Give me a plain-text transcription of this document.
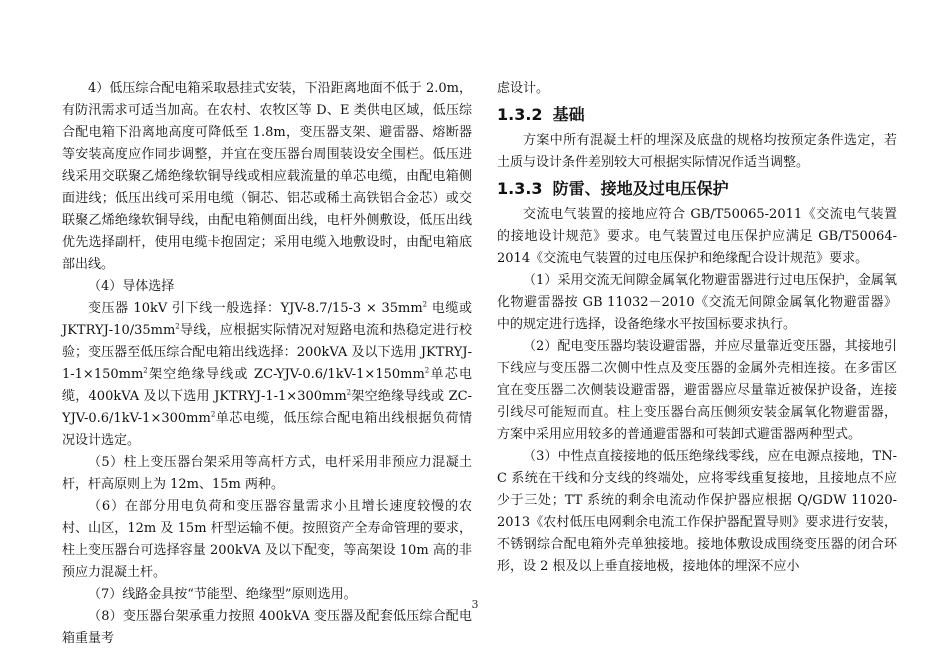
4）低压综合配电箱采取悬挂式安装，下沿距离地面不低于 2.0m，有防汛需求可适当加高。在农村、农牧区等 D、E 类供电区域，低压综合配电箱下沿离地高度可降低至 1.8m，变压器支架、避雷器、熔断器等安装高度应作同步调整，并宜在变压器台周围装设安全围栏。低压进线采用交联聚乙烯绝缘软铜导线或相应载流量的单芯电缆，由配电箱侧面进线；低压出线可采用电缆（铜芯、铝芯或稀土高铁铝合金芯）或交联聚乙烯绝缘软铜导线，由配电箱侧面出线，电杆外侧敷设，低压出线优先选择副杆，使用电缆卡抱固定；采用电缆入地敷设时，由配电箱底部出线。

（4）导体选择

变压器 10kV 引下线一般选择：$YJV-8.7/15-3 \times 35mm^2$ 电缆或 JKTRYJ-$10/35mm^2$导线，应根据实际情况对短路电流和热稳定进行校验；变压器至低压综合配电箱出线选择：200kVA 及以下选用 JKTRYJ-$1-1\times 150mm^2$架空绝缘导线或 $ZC-YJV-0.6/1kV-1\times 150mm^2$单芯电缆，400kVA 及以下选用 JKTRYJ-$1-1\times 300mm^2$架空绝缘导线或 $ZC-YJV-0.6/1kV-1\times 300mm^2$单芯电缆，低压综合配电箱出线根据负荷情况设计选定。

（5）柱上变压器台架采用等高杆方式，电杆采用非预应力混凝土杆，杆高原则上为 12m、15m 两种。

（6）在部分用电负荷和变压器容量需求小且增长速度较慢的农村、山区，12m 及 15m 杆型运输不便。按照资产全寿命管理的要求，柱上变压器台可选择容量 200kVA 及以下配变，等高架设 10m 高的非预应力混凝土杆。

（7）线路金具按“节能型、绝缘型”原则选用。

（8）变压器台架承重力按照 400kVA 变压器及配套低压综合配电箱重量考

虑设计。

1.3.2 基础

方案中所有混凝土杆的埋深及底盘的规格均按预定条件选定，若土质与设计条件差别较大可根据实际情况作适当调整。

1.3.3 防雷、接地及过电压保护

交流电气装置的接地应符合 GB/T50065-2011《交流电气装置的接地设计规范》要求。电气装置过电压保护应满足 GB/T50064-2014《交流电气装置的过电压保护和绝缘配合设计规范》要求。

（1）采用交流无间隙金属氧化物避雷器进行过电压保护，金属氧化物避雷器按 GB 11032－2010《交流无间隙金属氧化物避雷器》中的规定进行选择，设备绝缘水平按国标要求执行。

（2）配电变压器均装设避雷器，并应尽量靠近变压器，其接地引下线应与变压器二次侧中性点及变压器的金属外壳相连接。在多雷区宜在变压器二次侧装设避雷器，避雷器应尽量靠近被保护设备，连接引线尽可能短而直。柱上变压器台高压侧须安装金属氧化物避雷器，方案中采用应用较多的普通避雷器和可装卸式避雷器两种型式。

（3）中性点直接接地的低压绝缘线零线，应在电源点接地，TN-C 系统在干线和分支线的终端处，应将零线重复接地，且接地点不应少于三处；TT 系统的剩余电流动作保护器应根据 Q/GDW 11020-2013《农村低压电网剩余电流工作保护器配置导则》要求进行安装，不锈钢综合配电箱外壳单独接地。接地体敷设成围绕变压器的闭合环形，设 2 根及以上垂直接地极，接地体的埋深不应小

3
